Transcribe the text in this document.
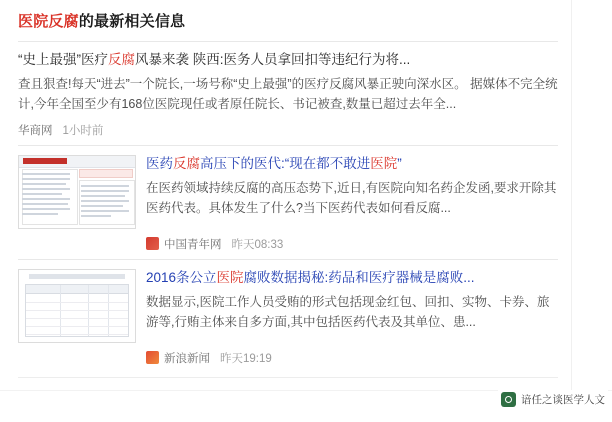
医院反腐的最新相关信息
“史上最强”医疗反腐风暴来袭 陕西:医务人员拿回扣等违纪行为将...
查且狠查!每天“进去”一个院长,一场号称“史上最强”的医疗反腐风暴正驶向深水区。 据媒体不完全统计,今年全国至少有168位医院现任或者原任院长、书记被查,数量已超过去年全...
华商网 1小时前
医药反腐高压下的医代:“现在都不敢进医院”
在医药领域持续反腐的高压态势下,近日,有医院向知名药企发函,要求开除其医药代表。具体发生了什么?当下医药代表如何看反腐...
中国青年网 昨天08:33
2016条公立医院腐败数据揭秘:药品和医疗器械是腐败...
数据显示,医院工作人员受贿的形式包括现金红包、回扣、实物、卡券、旅游等,行贿主体来自多方面,其中包括医药代表及其单位、患...
新浪新闻 昨天19:19
谙任之谈医学人文
